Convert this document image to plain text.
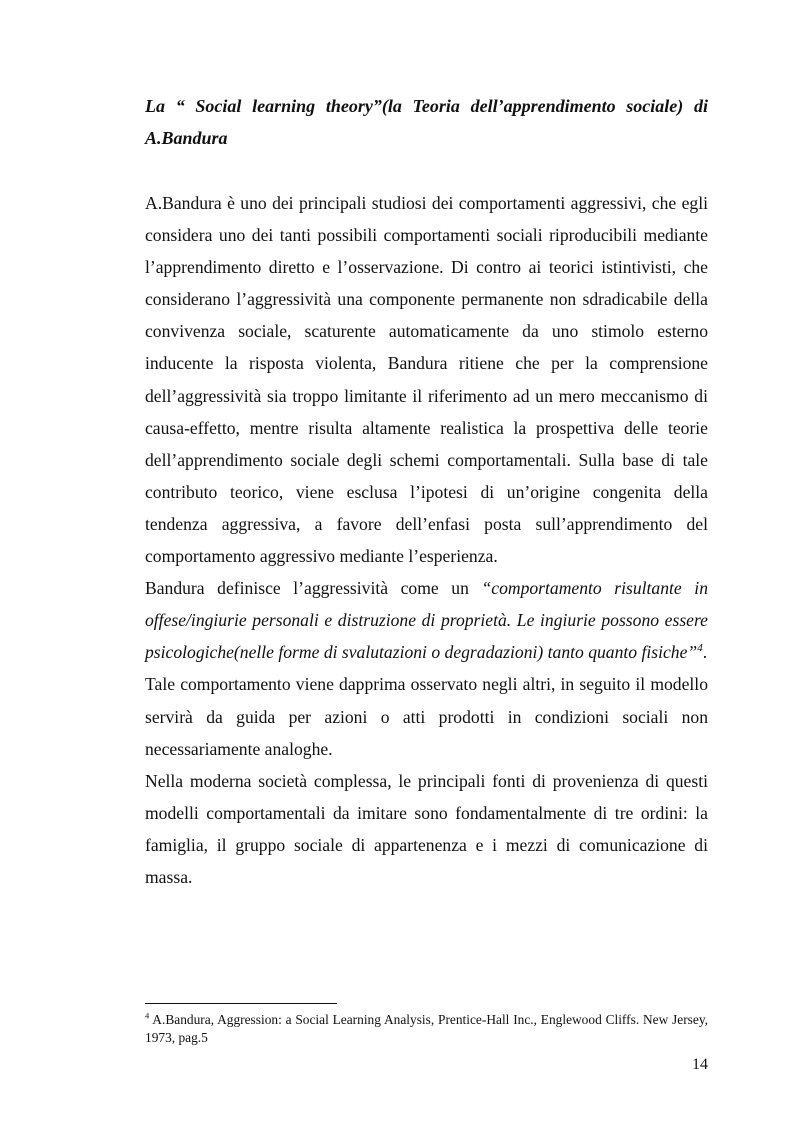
La “ Social learning theory”(la Teoria dell’apprendimento sociale) di A.Bandura

A.Bandura è uno dei principali studiosi dei comportamenti aggressivi, che egli considera uno dei tanti possibili comportamenti sociali riproducibili mediante l’apprendimento diretto e l’osservazione. Di contro ai teorici istintivisti, che considerano l’aggressività una componente permanente non sdradicabile della convivenza sociale, scaturente automaticamente da uno stimolo esterno inducente la risposta violenta, Bandura ritiene che per la comprensione dell’aggressività sia troppo limitante il riferimento ad un mero meccanismo di causa-effetto, mentre risulta altamente realistica la prospettiva delle teorie dell’apprendimento sociale degli schemi comportamentali. Sulla base di tale contributo teorico, viene esclusa l’ipotesi di un’origine congenita della tendenza aggressiva, a favore dell’enfasi posta sull’apprendimento del comportamento aggressivo mediante l’esperienza.

Bandura definisce l’aggressività come un “comportamento risultante in offese/ingiurie personali e distruzione di proprietà. Le ingiurie possono essere psicologiche(nelle forme di svalutazioni o degradazioni) tanto quanto fisiche”$^4$.

Tale comportamento viene dapprima osservato negli altri, in seguito il modello servirà da guida per azioni o atti prodotti in condizioni sociali non necessariamente analoghe.

Nella moderna società complessa, le principali fonti di provenienza di questi modelli comportamentali da imitare sono fondamentalmente di tre ordini: la famiglia, il gruppo sociale di appartenenza e i mezzi di comunicazione di massa.

$^4$ A.Bandura, Aggression: a Social Learning Analysis, Prentice-Hall Inc., Englewood Cliffs. New Jersey, 1973, pag.5
14
